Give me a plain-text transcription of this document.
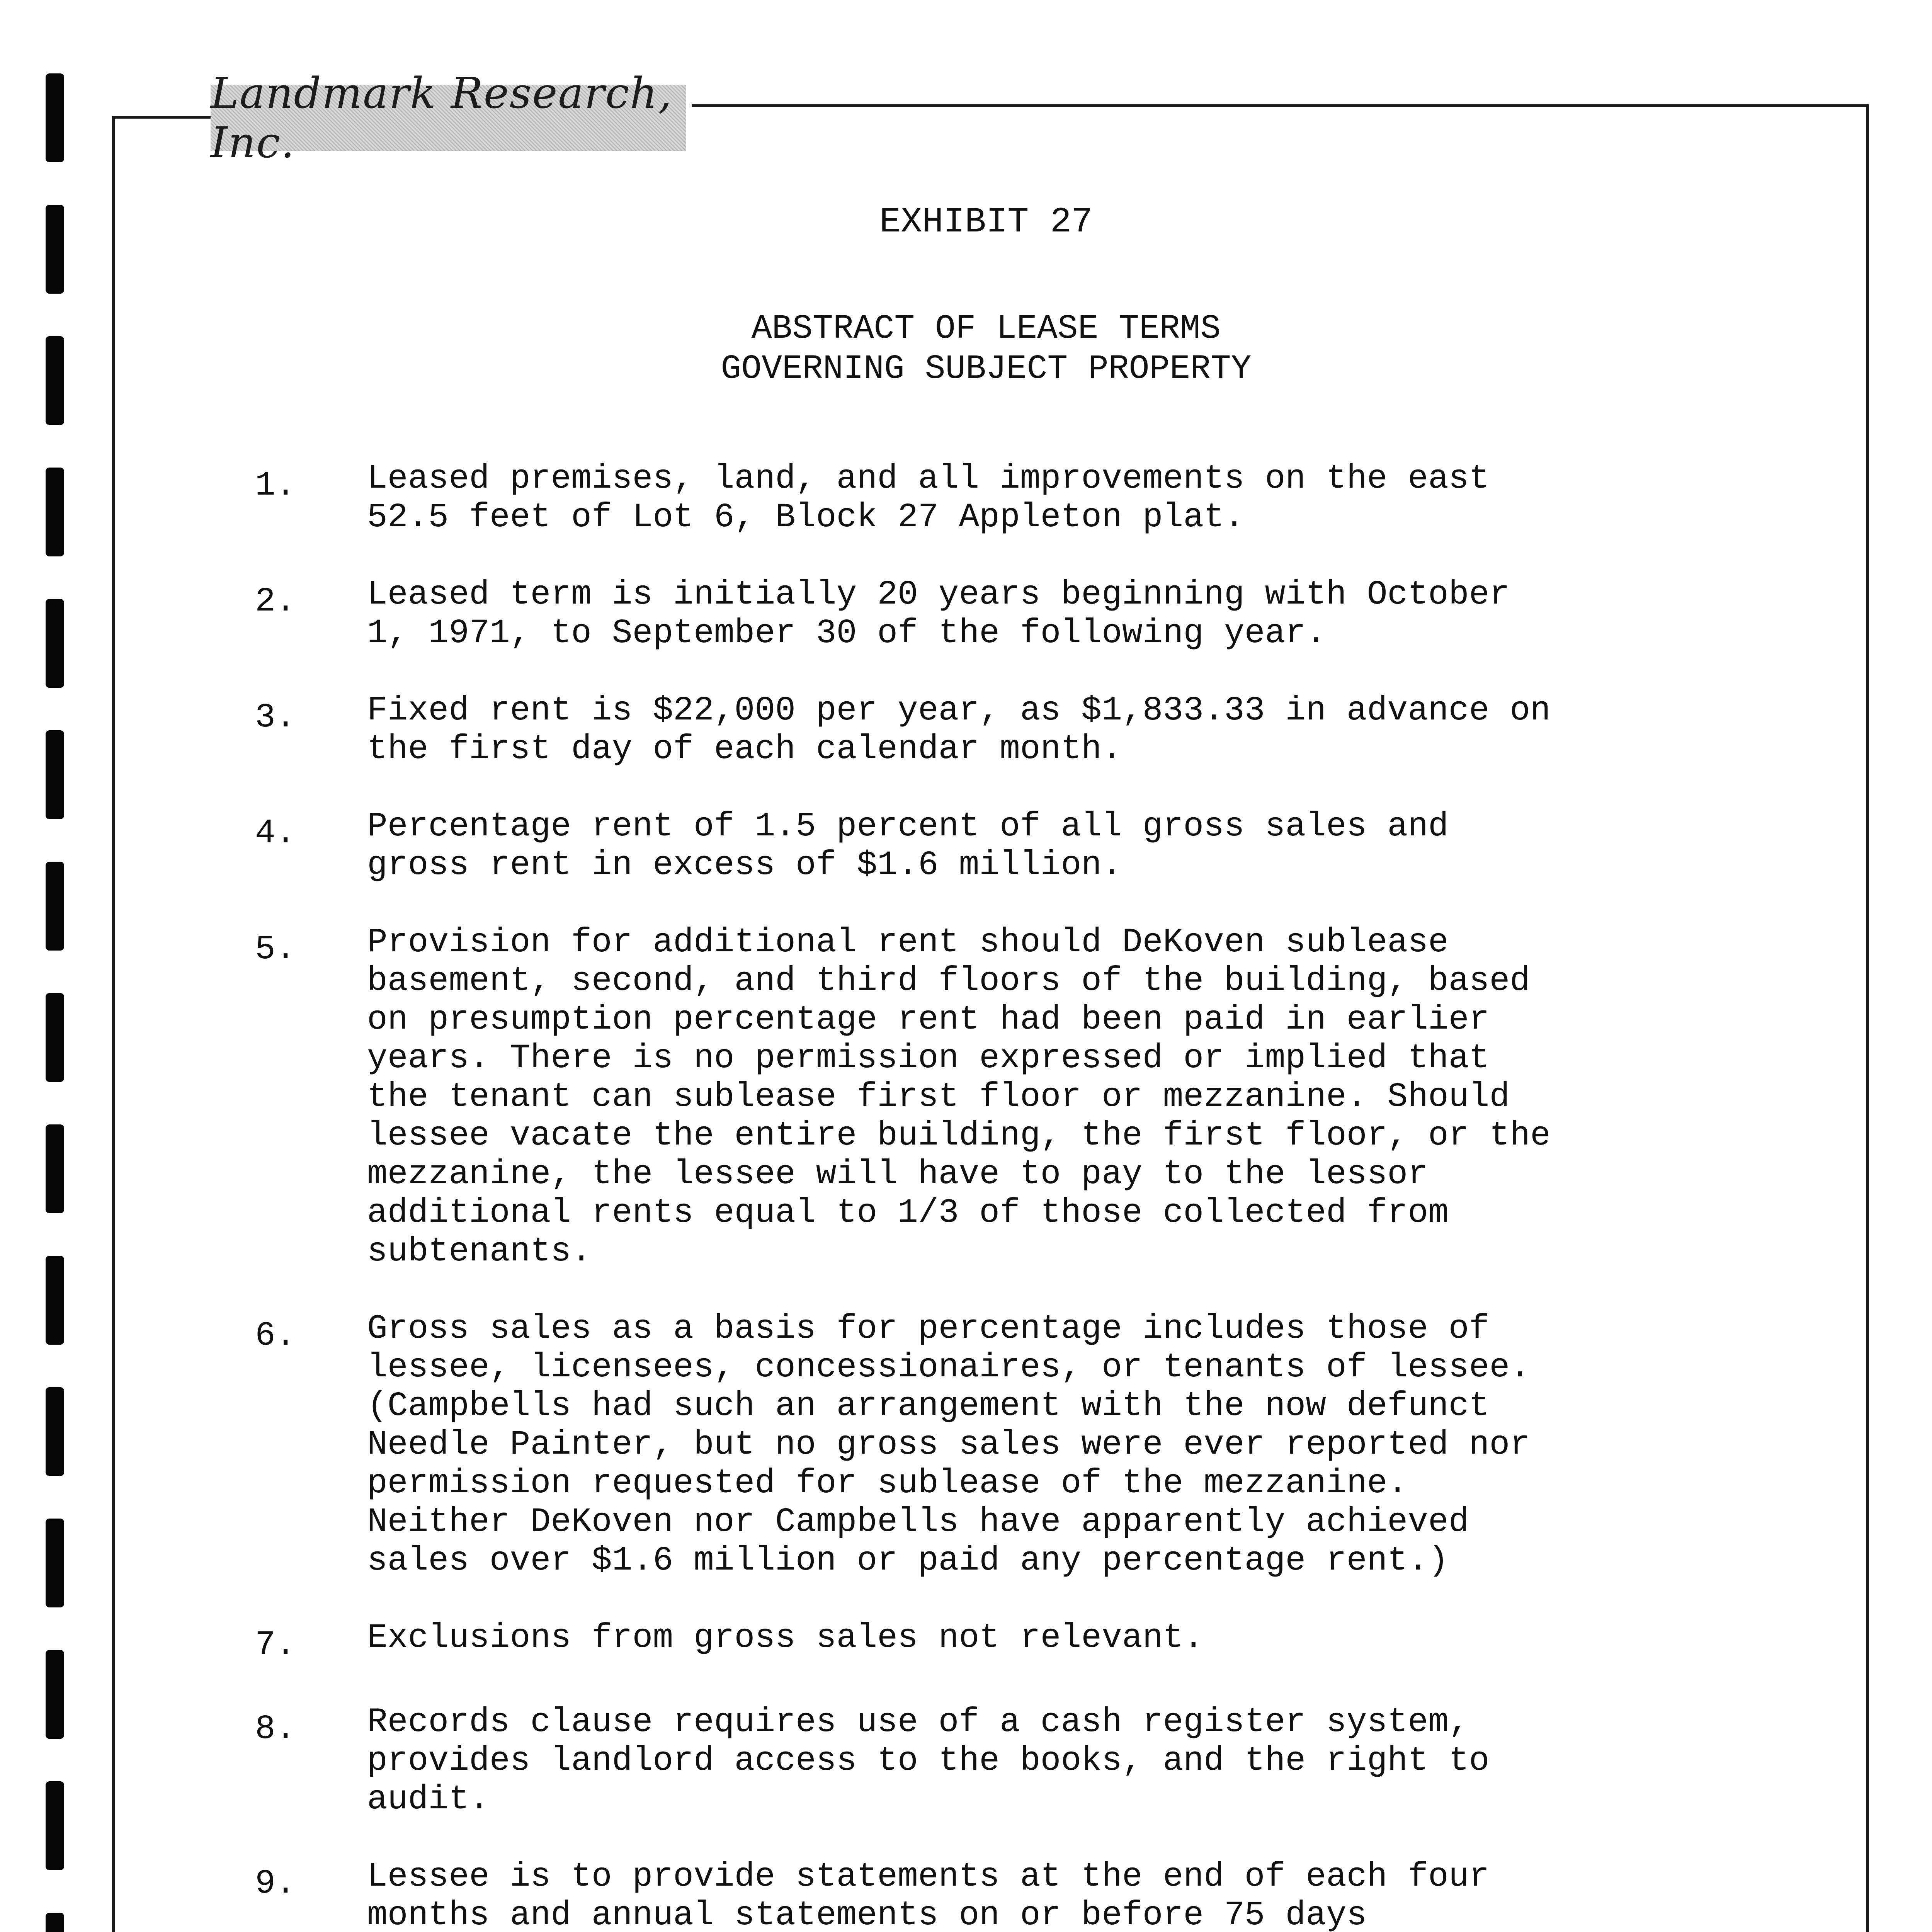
Landmark Research, Inc.
EXHIBIT 27
ABSTRACT OF LEASE TERMS
GOVERNING SUBJECT PROPERTY
1.	Leased premises, land, and all improvements on the east
52.5 feet of Lot 6, Block 27 Appleton plat.
2.	Leased term is initially 20 years beginning with October
1, 1971, to September 30 of the following year.
3.	Fixed rent is $22,000 per year, as $1,833.33 in advance on
the first day of each calendar month.
4.	Percentage rent of 1.5 percent of all gross sales and
gross rent in excess of $1.6 million.
5.	Provision for additional rent should DeKoven sublease
basement, second, and third floors of the building, based
on presumption percentage rent had been paid in earlier
years. There is no permission expressed or implied that
the tenant can sublease first floor or mezzanine. Should
lessee vacate the entire building, the first floor, or the
mezzanine, the lessee will have to pay to the lessor
additional rents equal to 1/3 of those collected from
subtenants.
6.	Gross sales as a basis for percentage includes those of
lessee, licensees, concessionaires, or tenants of lessee.
(Campbells had such an arrangement with the now defunct
Needle Painter, but no gross sales were ever reported nor
permission requested for sublease of the mezzanine.
Neither DeKoven nor Campbells have apparently achieved
sales over $1.6 million or paid any percentage rent.)
7.	Exclusions from gross sales not relevant.
8.	Records clause requires use of a cash register system,
provides landlord access to the books, and the right to
audit.
9.	Lessee is to provide statements at the end of each four
months and annual statements on or before 75 days
